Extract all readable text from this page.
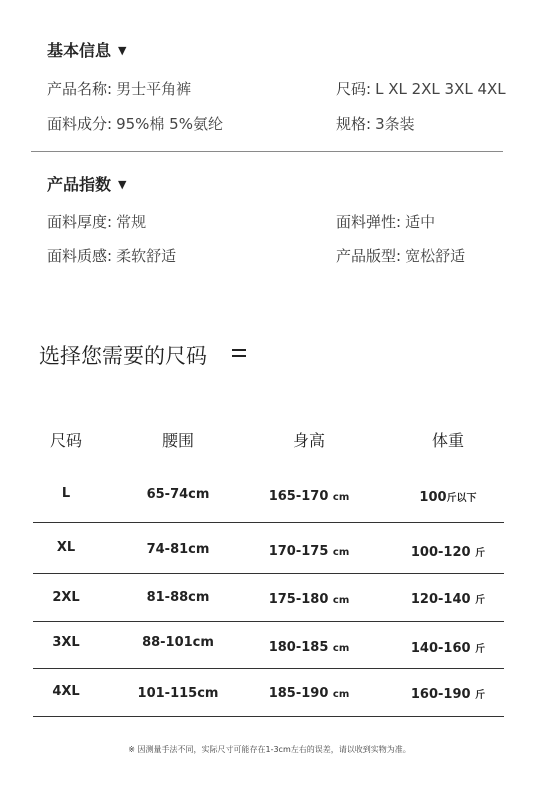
基本信息 ▼
产品名称: 男士平角裤	尺码: L XL 2XL 3XL 4XL
面料成分: 95%棉 5%氨纶	规格: 3条装
产品指数 ▼
面料厚度: 常规	面料弹性: 适中
面料质感: 柔软舒适	产品版型: 宽松舒适
选择您需要的尺码
尺码	腰围	身高	体重
L	65-74cm	165-170 cm	100斤以下
XL	74-81cm	170-175 cm	100-120 斤
2XL	81-88cm	175-180 cm	120-140 斤
3XL	88-101cm	180-185 cm	140-160 斤
4XL	101-115cm	185-190 cm	160-190 斤
※ 因测量手法不同，实际尺寸可能存在1-3cm左右的误差，请以收到实物为准。
